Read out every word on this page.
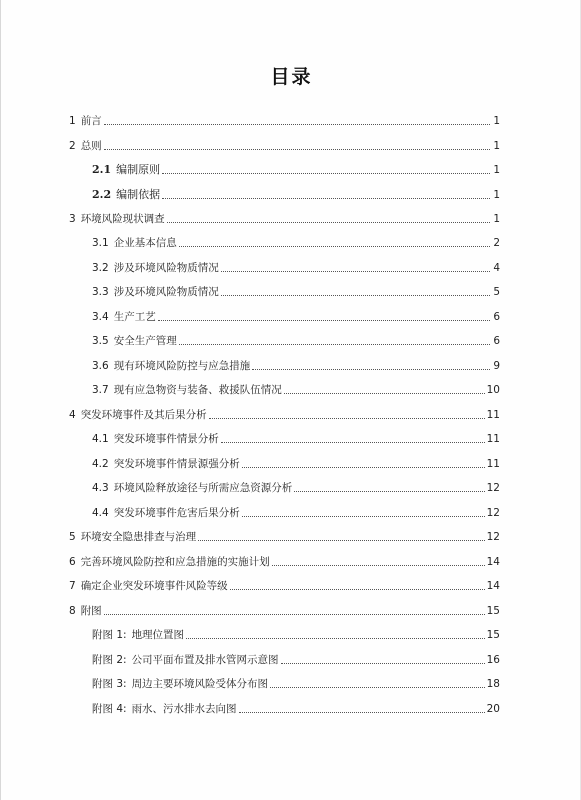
目录
1 前言	1
2 总则	1
2.1 编制原则	1
2.2 编制依据	1
3 环境风险现状调查	1
3.1 企业基本信息	2
3.2 涉及环境风险物质情况	4
3.3 涉及环境风险物质情况	5
3.4 生产工艺	6
3.5 安全生产管理	6
3.6 现有环境风险防控与应急措施	9
3.7 现有应急物资与装备、救援队伍情况	10
4 突发环境事件及其后果分析	11
4.1 突发环境事件情景分析	11
4.2 突发环境事件情景源强分析	11
4.3 环境风险释放途径与所需应急资源分析	12
4.4 突发环境事件危害后果分析	12
5 环境安全隐患排查与治理	12
6 完善环境风险防控和应急措施的实施计划	14
7 确定企业突发环境事件风险等级	14
8 附图	15
附图 1: 地理位置图	15
附图 2: 公司平面布置及排水管网示意图	16
附图 3: 周边主要环境风险受体分布图	18
附图 4: 雨水、污水排水去向图	20
